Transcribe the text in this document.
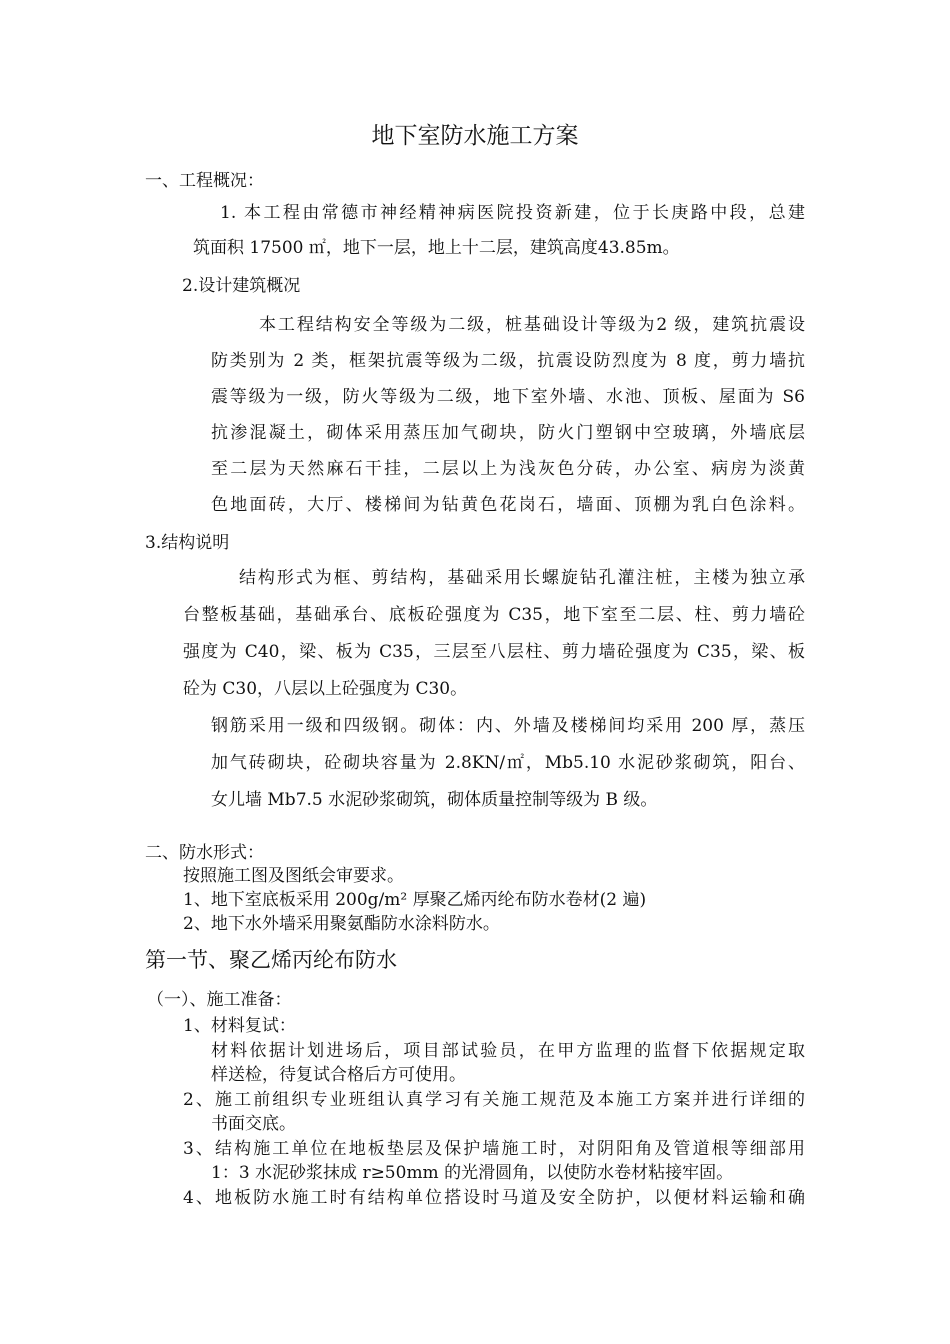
地下室防水施工方案
一、工程概况：
1. 本工程由常德市神经精神病医院投资新建，位于长庚路中段，总建
筑面积 17500 ㎡，地下一层，地上十二层，建筑高度43.85m。
2.设计建筑概况
本工程结构安全等级为二级，桩基础设计等级为2 级，建筑抗震设
防类别为 2 类，框架抗震等级为二级，抗震设防烈度为 8 度，剪力墙抗
震等级为一级，防火等级为二级，地下室外墙、水池、顶板、屋面为 S6
抗渗混凝土，砌体采用蒸压加气砌块，防火门塑钢中空玻璃，外墙底层
至二层为天然麻石干挂，二层以上为浅灰色分砖，办公室、病房为淡黄
色地面砖，大厅、楼梯间为钻黄色花岗石，墙面、顶棚为乳白色涂料。
3.结构说明
结构形式为框、剪结构，基础采用长螺旋钻孔灌注桩，主楼为独立承
台整板基础，基础承台、底板砼强度为 C35，地下室至二层、柱、剪力墙砼
强度为 C40，梁、板为 C35，三层至八层柱、剪力墙砼强度为 C35，梁、板
砼为 C30，八层以上砼强度为 C30。
钢筋采用一级和四级钢。砌体：内、外墙及楼梯间均采用 200 厚，蒸压
加气砖砌块，砼砌块容量为 2.8KN/㎡，Mb5.10 水泥砂浆砌筑，阳台、
女儿墙 Mb7.5 水泥砂浆砌筑，砌体质量控制等级为 B 级。
二、防水形式：
按照施工图及图纸会审要求。
1、地下室底板采用 200g/m² 厚聚乙烯丙纶布防水卷材(2 遍)
2、地下水外墙采用聚氨酯防水涂料防水。
第一节、聚乙烯丙纶布防水
（一）、施工准备：
1、材料复试：
材料依据计划进场后，项目部试验员，在甲方监理的监督下依据规定取
样送检，待复试合格后方可使用。
2、施工前组织专业班组认真学习有关施工规范及本施工方案并进行详细的
书面交底。
3、结构施工单位在地板垫层及保护墙施工时，对阴阳角及管道根等细部用
1：3 水泥砂浆抹成 r≥50mm 的光滑圆角，以使防水卷材粘接牢固。
4、地板防水施工时有结构单位搭设时马道及安全防护，以便材料运输和确
